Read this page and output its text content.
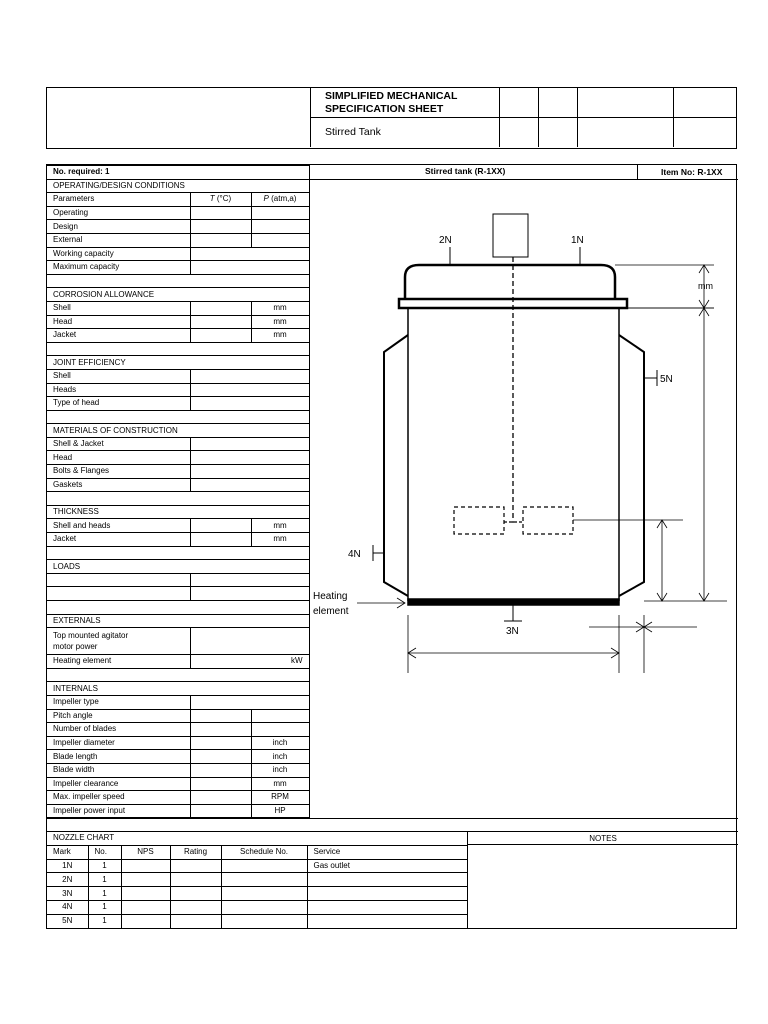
SIMPLIFIED MECHANICAL
SPECIFICATION SHEET
Stirred Tank
No. required: 1		
OPERATING/DESIGN CONDITIONS		
Parameters	T (°C)	P (atm,a)
Operating		
Design		
External		
Working capacity		
Maximum capacity		

CORROSION ALLOWANCE		
Shell		mm
Head		mm
Jacket		mm

JOINT EFFICIENCY		
Shell		
Heads		
Type of head		

MATERIALS OF CONSTRUCTION		
Shell & Jacket		
Head		
Bolts & Flanges		
Gaskets		

THICKNESS		
Shell and heads		mm
Jacket		mm

LOADS		

EXTERNALS		

Top mounted agitator
motor power		

Heating element	kW	

INTERNALS		
Impeller type		
Pitch angle		
Number of blades		
Impeller diameter		inch
Blade length		inch
Blade width		inch
Impeller clearance		mm
Max. impeller speed		RPM
Impeller power input		HP
Stirred tank (R-1XX)	Item No: R-1XX
2N	1N
5N
4N
3N
mm
Heating
element
NOZZLE CHART					
Mark	No.	NPS	Rating	Schedule No.	Service
1N	1				Gas outlet
2N	1				
3N	1				
4N	1				
5N	1				
NOTES
